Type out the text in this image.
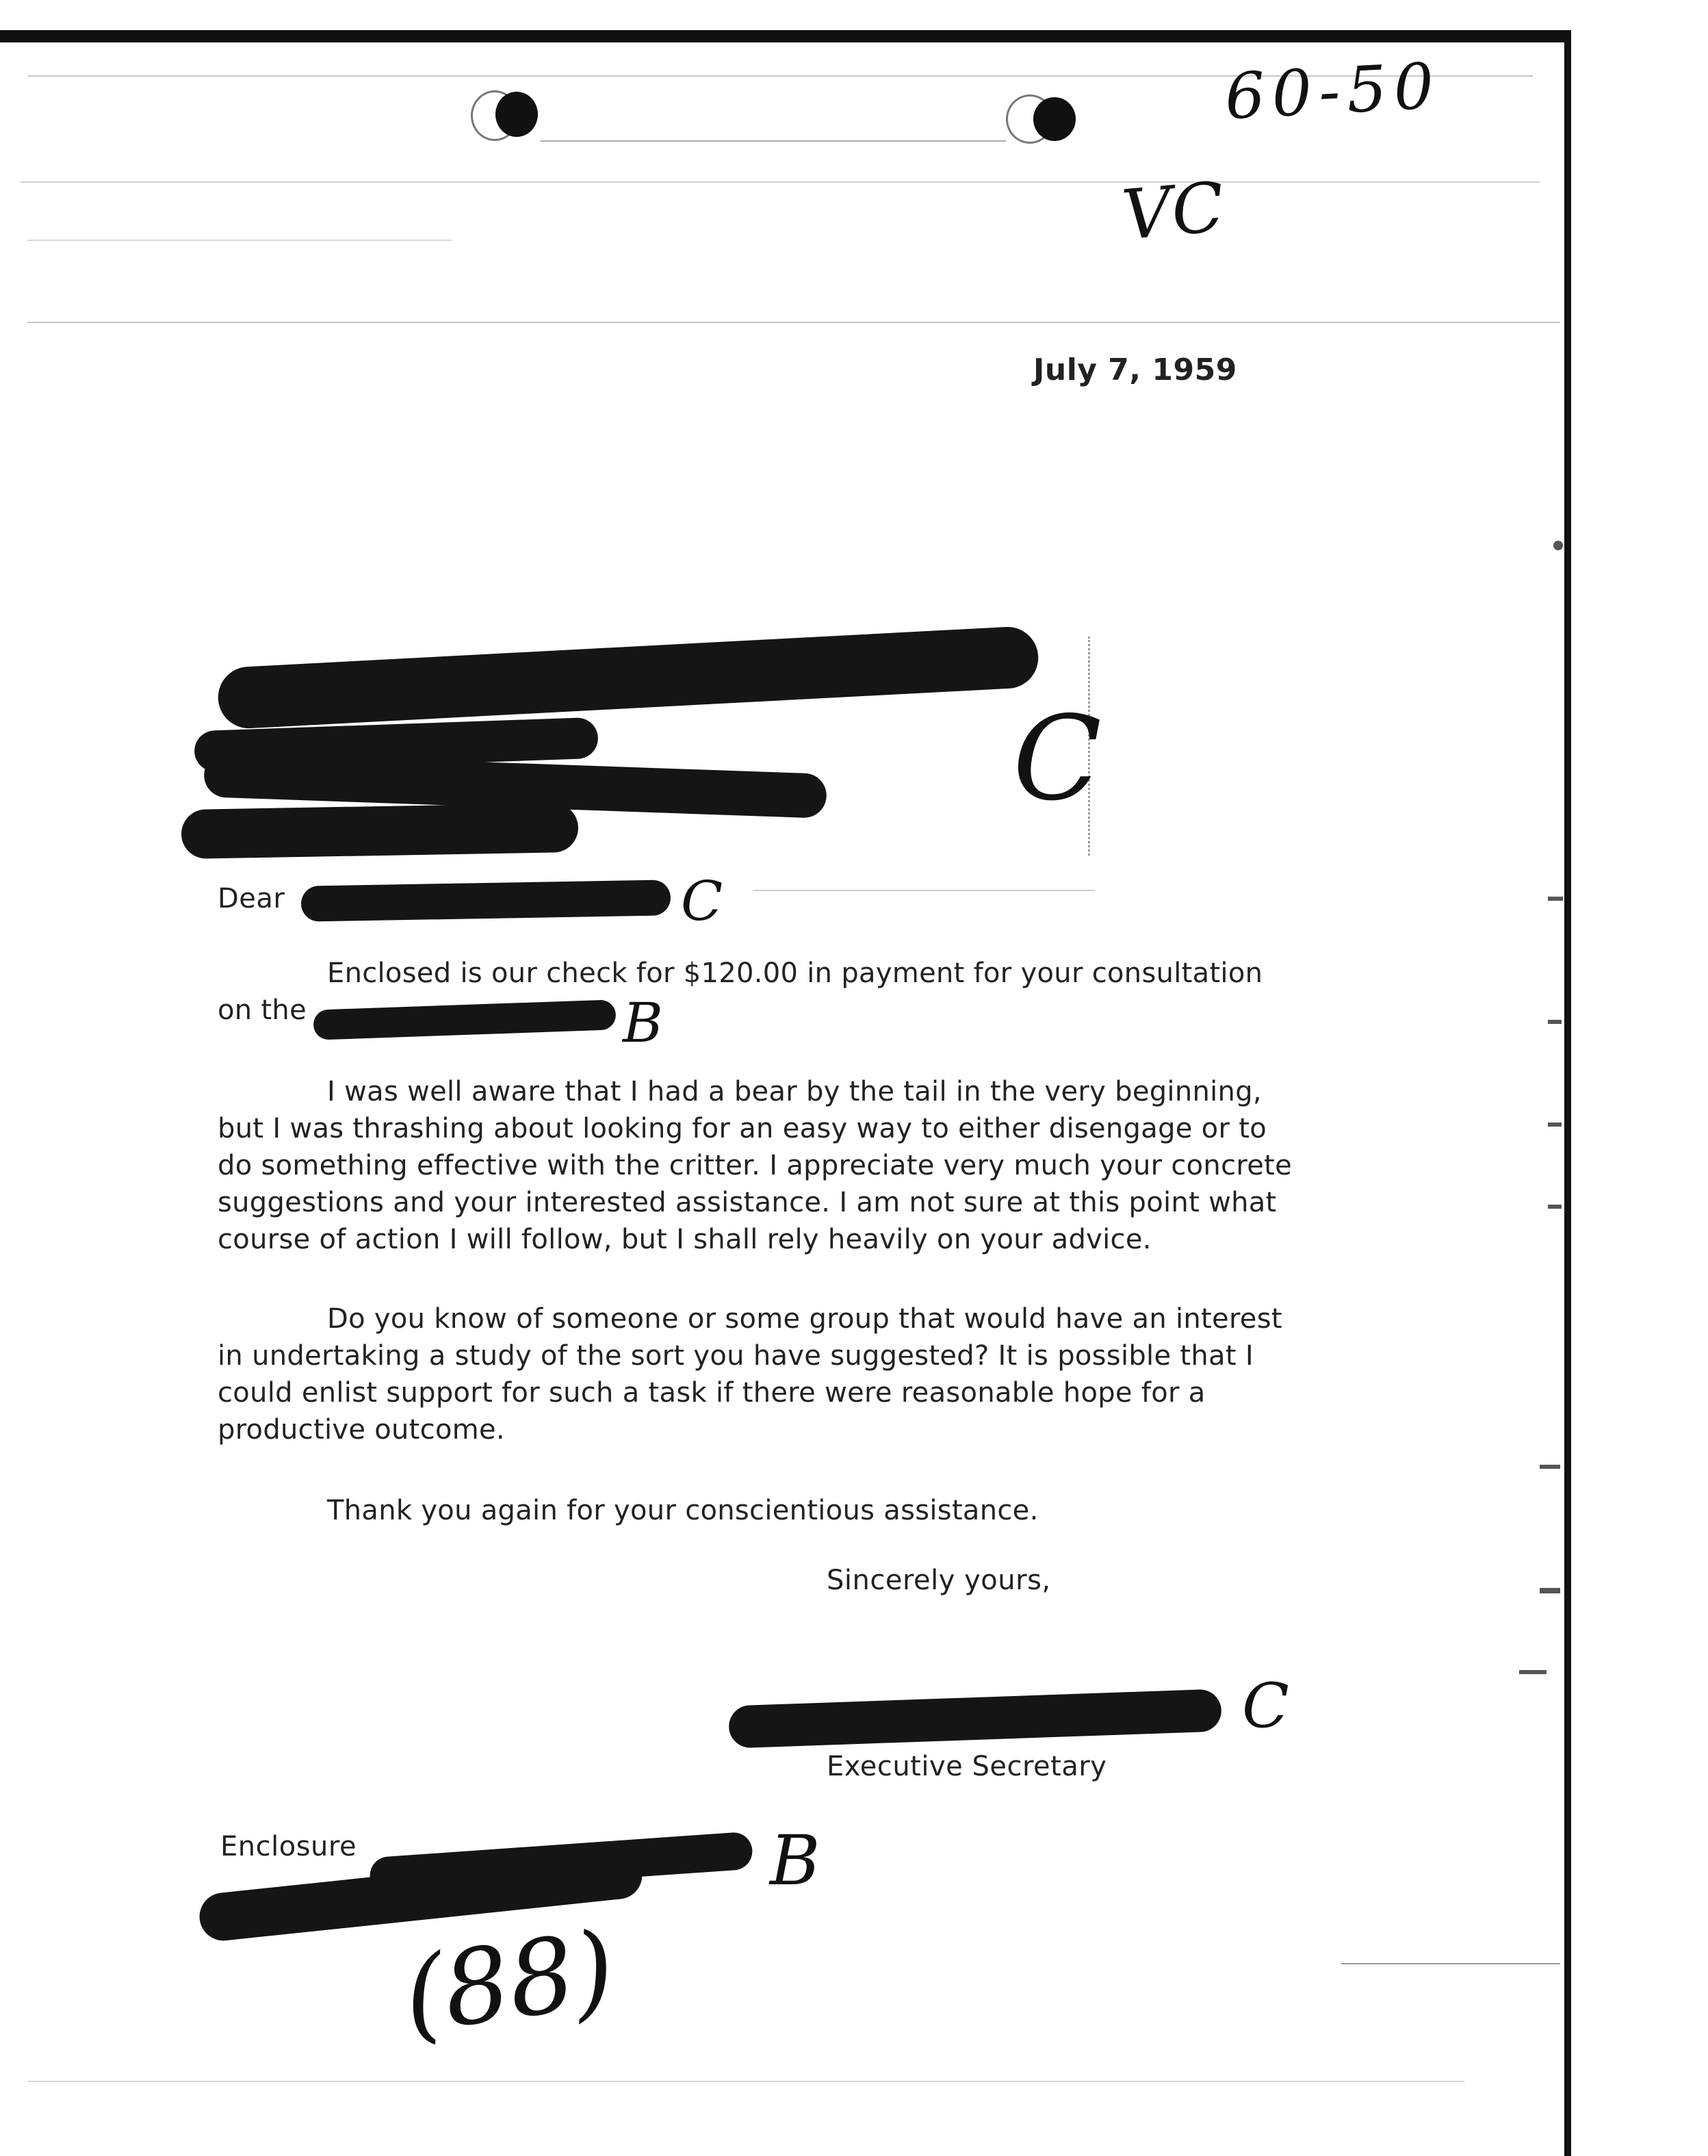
60-50
VC
July 7, 1959
C
Dear	C
Enclosed is our check for $120.00 in payment for your consultation on the	B
I was well aware that I had a bear by the tail in the very beginning, but I was thrashing about looking for an easy way to either disengage or to do something effective with the critter. I appreciate very much your concrete suggestions and your interested assistance. I am not sure at this point what course of action I will follow, but I shall rely heavily on your advice.
Do you know of someone or some group that would have an interest in undertaking a study of the sort you have suggested? It is possible that I could enlist support for such a task if there were reasonable hope for a productive outcome.
Thank you again for your conscientious assistance.
Sincerely yours,
C
Executive Secretary
Enclosure	B
(88)
